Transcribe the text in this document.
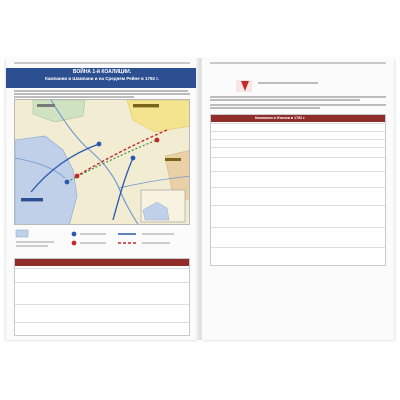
ВОЙНА 1-й КОАЛИЦИИ.
Кампании в Шампани и на Среднем Рейне в 1792 г.
Кампании в Италии в 1792 г.
